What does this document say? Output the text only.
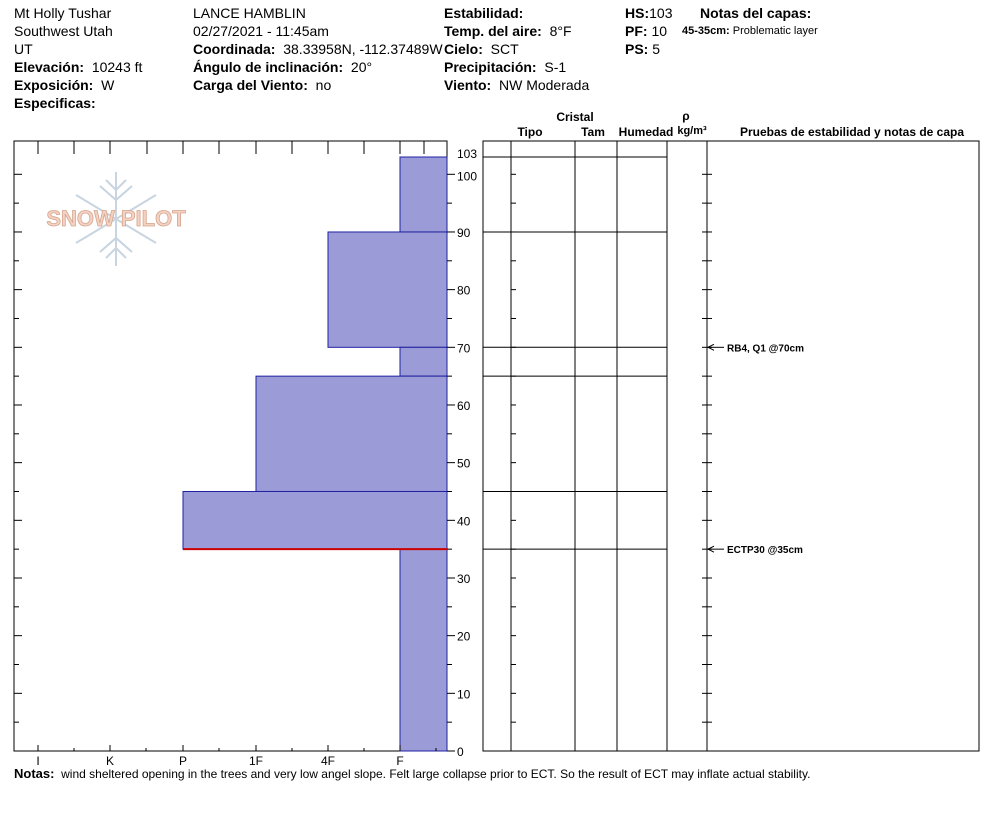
Mt Holly Tushar
Southwest Utah
UT
Elevación: 10243 ft
Exposición: W
Especificas:
LANCE HAMBLIN
02/27/2021 - 11:45am
Coordinada: 38.33958N, -112.37489W
Ángulo de inclinación: 20°
Carga del Viento: no
Estabilidad:
Temp. del aire: 8°F
Cielo: SCT
Precipitación: S-1
Viento: NW Moderada
HS:103
PF: 10
PS: 5
Notas del capas:
45-35cm: Problematic layer
SNOW PILOT
0
10
20
30
40
50
60
70
80
90
100
103
I	K	P	1F	4F	F
RB4, Q1 @70cm
ECTP30 @35cm
Cristal
Tipo	Tam Humedad
ρ
kg/m³	Pruebas de estabilidad y notas de capa
Notas: wind sheltered opening in the trees and very low angel slope. Felt large collapse prior to ECT. So the result of ECT may inflate actual stability.
